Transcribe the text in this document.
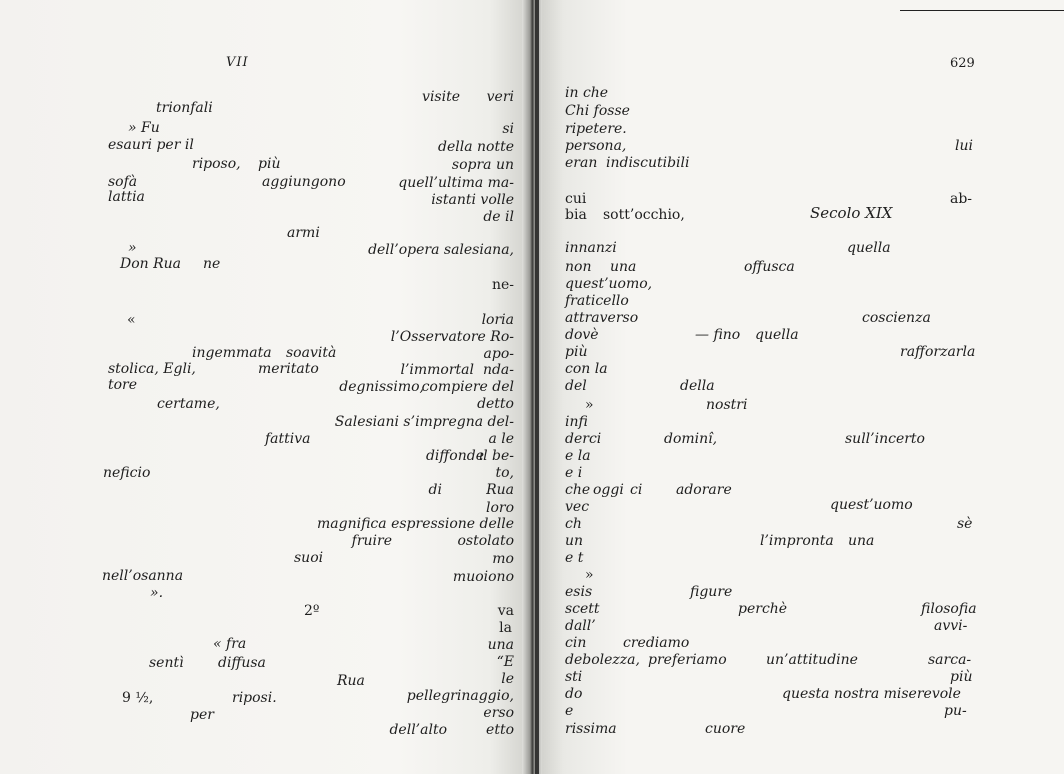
VII	629
trionfali
» Fu
esauri per il
riposo, più
sofà	aggiungono
lattia
armi
»
Don Rua ne
«
ingemmata soavità
stolica, Egli,	meritato
tore
certame,
fattiva
neficio
suoi
nell’osanna
».
2º
« fra
sentì diffusa
Rua
9 ½,	riposi.
per
visite veri
si
della notte
sopra un
quell’ultima ma-
istanti volle
de il
dell’opera salesiana,
ne-
loria
l’Osservatore Ro-
apo-
l’immortal nda-
degnissimo,
compiere del
detto
Salesiani s’impregna del-
a le
diffonde
ıl be-
to,
di	Rua
loro
magnifica espressione delle
fruire	ostolato
mo
muoiono
va
la
una
“E
le
pellegrinaggio,
erso
dell’alto	etto
in che
Chi fosse
ripetere.
persona,	lui
eran indiscutibili
cui	ab-
bia sott’occhio,	Secolo XIX
innanzi	quella
non una	offusca
quest’uomo,
fraticello
attraverso	coscienza
dovè	— fino quella
più	rafforzarla
con la
del	della
»	nostri
infi
derci	dominî,	sull’incerto
e la
e i
che oggi ci adorare
vec	quest’uomo
ch	sè
un	l’impronta una
e t
»
esis	figure
scett	perchè	filosofia
dall’	avvi-
cin	crediamo
debolezza, preferiamo	un’attitudine	sarca-
sti	più
do	questa nostra miserevole
e	pu-
rissima	cuore
